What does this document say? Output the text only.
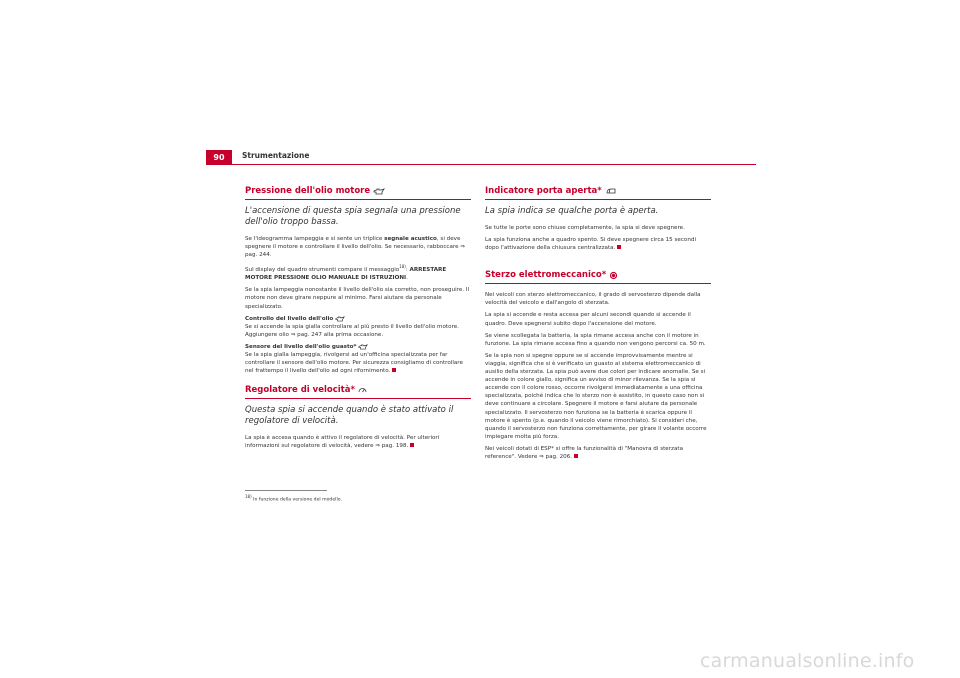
90 Strumentazione
Pressione dell'olio motore
L'accensione di questa spia segnala una pressione dell'olio troppo bassa.

Se l'ideogramma lampeggia e si sente un triplice segnale acustico, si deve spegnere il motore e controllare il livello dell'olio. Se necessario, rabboccare ⇒ pag. 244.

Sul display del quadro strumenti compare il messaggio$^{18)}$: ARRESTARE MOTORE PRESSIONE OLIO MANUALE DI ISTRUZIONI.

Se la spia lampeggia nonostante il livello dell'olio sia corretto, non proseguire. Il motore non deve girare neppure al minimo. Farsi aiutare da personale specializzato.

Controllo del livello dell'olio

Se si accende la spia gialla controllare al più presto il livello dell'olio motore. Aggiungere olio ⇒ pag. 247 alla prima occasione.

Sensore del livello dell'olio guasto*

Se la spia gialla lampeggia, rivolgersi ad un'officina specializzata per far controllare il sensore dell'olio motore. Per sicurezza consigliamo di controllare nel frattempo il livello dell'olio ad ogni rifornimento.

Regolatore di velocità*
Questa spia si accende quando è stato attivato il regolatore di velocità.

La spia è accesa quando è attivo il regolatore di velocità. Per ulteriori informazioni sul regolatore di velocità, vedere ⇒ pag. 198.

$^{18)}$ In funzione della versione del modello.
Indicatore porta aperta*
La spia indica se qualche porta è aperta.

Se tutte le porte sono chiuse completamente, la spia si deve spegnere.

La spia funziona anche a quadro spento. Si deve spegnere circa 15 secondi dopo l'attivazione della chiusura centralizzata.

Sterzo elettromeccanico*

Nei veicoli con sterzo elettromeccanico, il grado di servosterzo dipende dalla velocità del veicolo e dall'angolo di sterzata.

La spia si accende e resta accesa per alcuni secondi quando si accende il quadro. Deve spegnersi subito dopo l'accensione del motore.

Se viene scollegata la batteria, la spia rimane accesa anche con il motore in funzione. La spia rimane accesa fino a quando non vengono percorsi ca. 50 m.

Se la spia non si spegne oppure se si accende improvvisamente mentre si viaggia, significa che si è verificato un guasto al sistema elettromeccanico di ausilio della sterzata. La spia può avere due colori per indicare anomalie. Se si accende in colore giallo, significa un avviso di minor rilevanza. Se la spia si accende con il colore rosso, occorre rivolgersi immediatamente a una officina specializzata, poiché indica che lo sterzo non è assistito, in questo caso non si deve continuare a circolare. Spegnere il motore e farsi aiutare da personale specializzato. Il servosterzo non funziona se la batteria è scarica oppure il motore è spento (p.e. quando il veicolo viene rimorchiato). Si consideri che, quando il servosterzo non funziona correttamente, per girare il volante occorre impiegare molta più forza.

Nei veicoli dotati di ESP* si offre la funzionalità di "Manovra di sterzata reference". Vedere ⇒ pag. 206.

carmanualsonline.info
